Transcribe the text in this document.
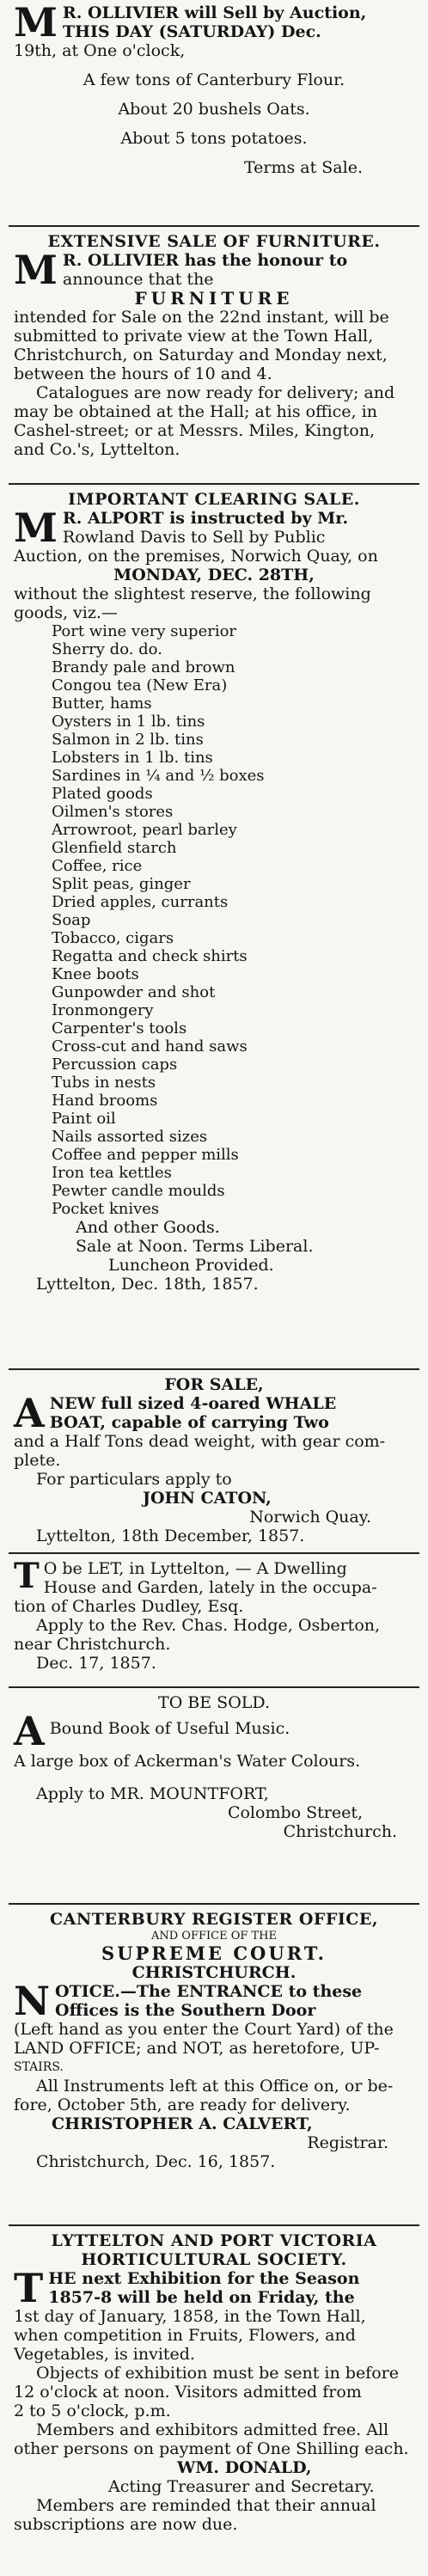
M R. OLLIVIER will Sell by Auction,

THIS DAY (SATURDAY) Dec.

19th, at One o'clock,

A few tons of Canterbury Flour.

About 20 bushels Oats.

About 5 tons potatoes.

Terms at Sale.

EXTENSIVE SALE OF FURNITURE.

M R. OLLIVIER has the honour to

announce that the

FURNITURE

intended for Sale on the 22nd instant, will be

submitted to private view at the Town Hall,

Christchurch, on Saturday and Monday next,

between the hours of 10 and 4.

Catalogues are now ready for delivery; and

may be obtained at the Hall; at his office, in

Cashel-street; or at Messrs. Miles, Kington,

and Co.'s, Lyttelton.

IMPORTANT CLEARING SALE.

M R. ALPORT is instructed by Mr.

Rowland Davis to Sell by Public

Auction, on the premises, Norwich Quay, on

MONDAY, DEC. 28TH,

without the slightest reserve, the following

goods, viz.—

Port wine very superior

Sherry do. do.

Brandy pale and brown

Congou tea (New Era)

Butter, hams

Oysters in 1 lb. tins

Salmon in 2 lb. tins

Lobsters in 1 lb. tins

Sardines in ¼ and ½ boxes

Plated goods

Oilmen's stores

Arrowroot, pearl barley

Glenfield starch

Coffee, rice

Split peas, ginger

Dried apples, currants

Soap

Tobacco, cigars

Regatta and check shirts

Knee boots

Gunpowder and shot

Ironmongery

Carpenter's tools

Cross-cut and hand saws

Percussion caps

Tubs in nests

Hand brooms

Paint oil

Nails assorted sizes

Coffee and pepper mills

Iron tea kettles

Pewter candle moulds

Pocket knives

And other Goods.

Sale at Noon. Terms Liberal.

Luncheon Provided.

Lyttelton, Dec. 18th, 1857.

FOR SALE,

A NEW full sized 4-oared WHALE

BOAT, capable of carrying Two

and a Half Tons dead weight, with gear com-

plete.

For particulars apply to

JOHN CATON,

Norwich Quay.

Lyttelton, 18th December, 1857.

T O be LET, in Lyttelton, — A Dwelling

House and Garden, lately in the occupa-

tion of Charles Dudley, Esq.

Apply to the Rev. Chas. Hodge, Osberton,

near Christchurch.

Dec. 17, 1857.

TO BE SOLD.

A Bound Book of Useful Music.

A large box of Ackerman's Water Colours.

Apply to MR. MOUNTFORT,

Colombo Street,

Christchurch.

CANTERBURY REGISTER OFFICE,

AND OFFICE OF THE

SUPREME COURT.

CHRISTCHURCH.

N OTICE.—The ENTRANCE to these

Offices is the Southern Door

(Left hand as you enter the Court Yard) of the

LAND OFFICE; and NOT, as heretofore, UP-

STAIRS.

All Instruments left at this Office on, or be-

fore, October 5th, are ready for delivery.

CHRISTOPHER A. CALVERT,

Registrar.

Christchurch, Dec. 16, 1857.

LYTTELTON AND PORT VICTORIA

HORTICULTURAL SOCIETY.

T HE next Exhibition for the Season

1857-8 will be held on Friday, the

1st day of January, 1858, in the Town Hall,

when competition in Fruits, Flowers, and

Vegetables, is invited.

Objects of exhibition must be sent in before

12 o'clock at noon. Visitors admitted from

2 to 5 o'clock, p.m.

Members and exhibitors admitted free. All

other persons on payment of One Shilling each.

WM. DONALD,

Acting Treasurer and Secretary.

Members are reminded that their annual

subscriptions are now due.
